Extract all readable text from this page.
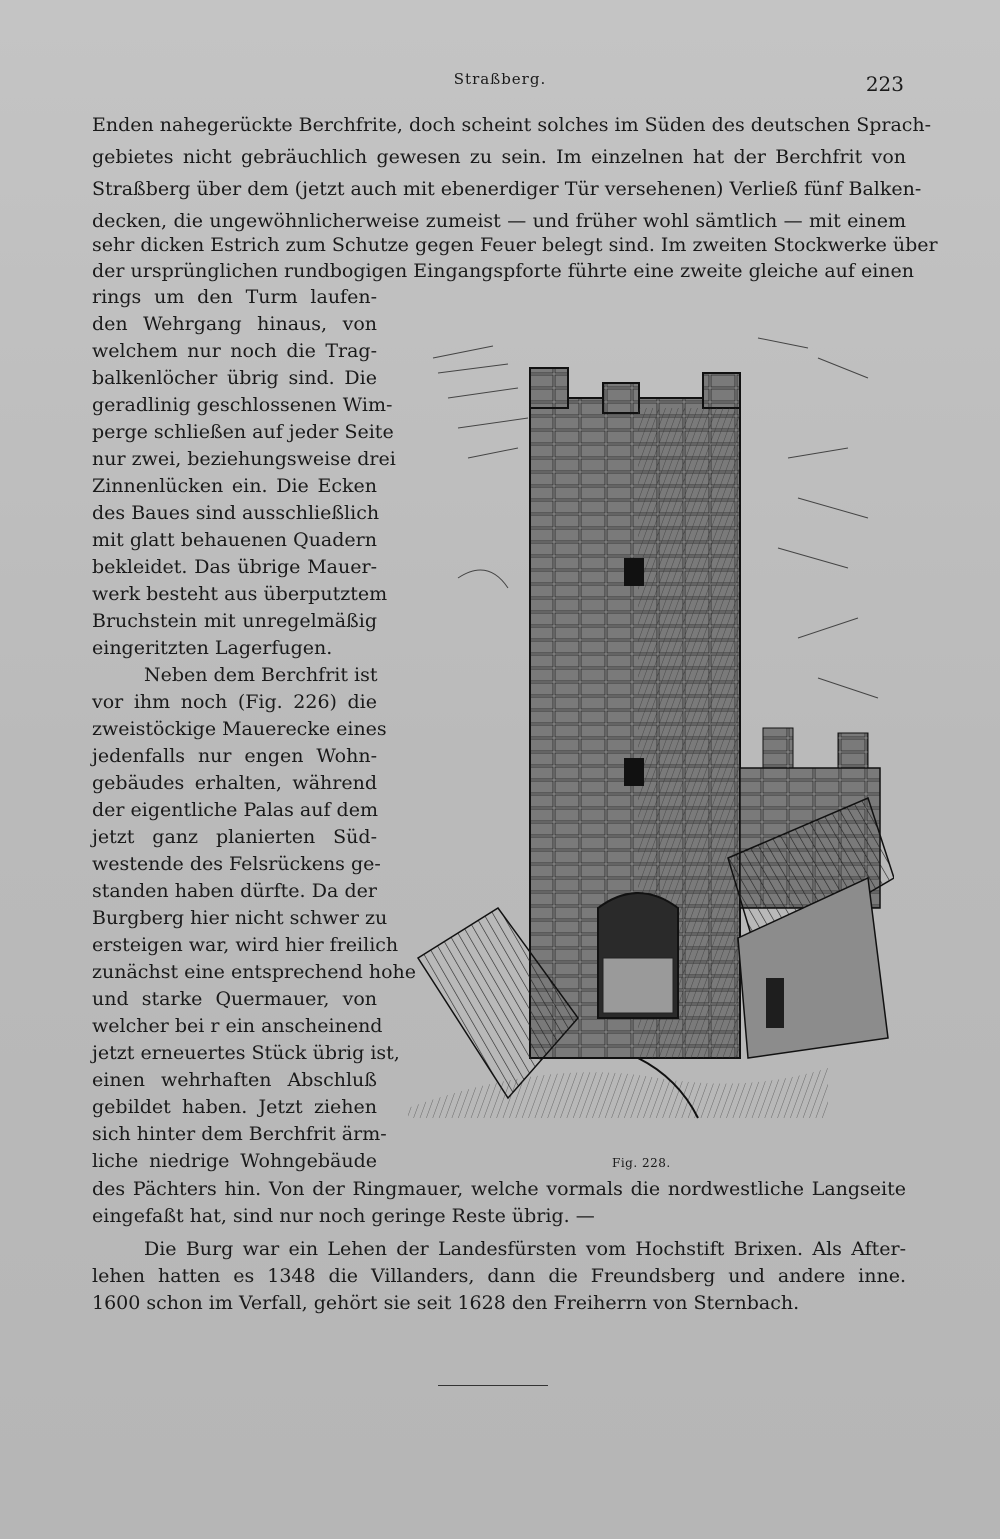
Straßberg.	223
Enden nahegerückte Berchfrite, doch scheint solches im Süden des deutschen Sprach-
gebietes nicht gebräuchlich gewesen zu sein. Im einzelnen hat der Berchfrit von
Straßberg über dem (jetzt auch mit ebenerdiger Tür versehenen) Verließ fünf Balken-
decken, die ungewöhnlicherweise zumeist — und früher wohl sämtlich — mit einem
sehr dicken Estrich zum Schutze gegen Feuer belegt sind. Im zweiten Stockwerke über
der ursprünglichen rundbogigen Eingangspforte führte eine zweite gleiche auf einen
rings um den Turm laufen-
den Wehrgang hinaus, von
welchem nur noch die Trag-
balkenlöcher übrig sind. Die
geradlinig geschlossenen Wim-
perge schließen auf jeder Seite
nur zwei, beziehungsweise drei
Zinnenlücken ein. Die Ecken
des Baues sind ausschließlich
mit glatt behauenen Quadern
bekleidet. Das übrige Mauer-
werk besteht aus überputztem
Bruchstein mit unregelmäßig
eingeritzten Lagerfugen.
Neben dem Berchfrit ist
vor ihm noch (Fig. 226) die
zweistöckige Mauerecke eines
jedenfalls nur engen Wohn-
gebäudes erhalten, während
der eigentliche Palas auf dem
jetzt ganz planierten Süd-
westende des Felsrückens ge-
standen haben dürfte. Da der
Burgberg hier nicht schwer zu
ersteigen war, wird hier freilich
zunächst eine entsprechend hohe
und starke Quermauer, von
welcher bei r ein anscheinend
jetzt erneuertes Stück übrig ist,
einen wehrhaften Abschluß
gebildet haben. Jetzt ziehen
sich hinter dem Berchfrit ärm-
liche niedrige Wohngebäude
des Pächters hin. Von der Ringmauer, welche vormals die nordwestliche Langseite
eingefaßt hat, sind nur noch geringe Reste übrig. —
Die Burg war ein Lehen der Landesfürsten vom Hochstift Brixen. Als After-
lehen hatten es 1348 die Villanders, dann die Freundsberg und andere inne.
1600 schon im Verfall, gehört sie seit 1628 den Freiherrn von Sternbach.
Fig. 228.
